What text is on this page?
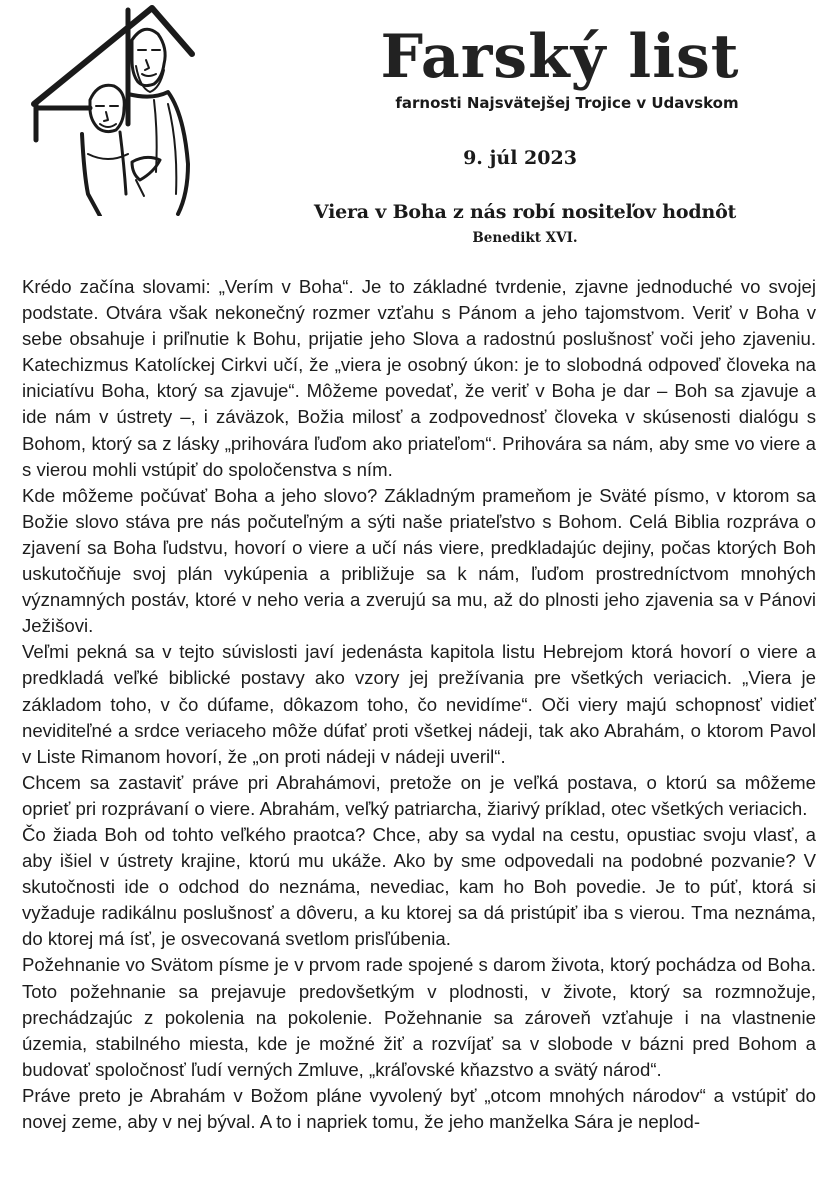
Farský list
farnosti Najsvätejšej Trojice v Udavskom
9. júl 2023
Viera v Boha z nás robí nositeľov hodnôt
Benedikt XVI.

Krédo začína slovami: „Verím v Boha“. Je to základné tvrdenie, zjavne jednoduché vo svojej podstate. Otvára však nekonečný rozmer vzťahu s Pánom a jeho tajomstvom. Veriť v Boha v sebe obsahuje i priľnutie k Bohu, prijatie jeho Slova a radostnú poslušnosť voči jeho zjaveniu. Katechizmus Katolíckej Cirkvi učí, že „viera je osobný úkon: je to slobodná odpoveď človeka na iniciatívu Boha, ktorý sa zjavuje“. Môžeme povedať, že veriť v Boha je dar – Boh sa zjavuje a ide nám v ústrety –, i záväzok, Božia milosť a zodpovednosť človeka v skúsenosti dialógu s Bohom, ktorý sa z lásky „prihovára ľuďom ako priateľom“. Prihovára sa nám, aby sme vo viere a s vierou mohli vstúpiť do spoločenstva s ním.

Kde môžeme počúvať Boha a jeho slovo? Základným prameňom je Sväté písmo, v ktorom sa Božie slovo stáva pre nás počuteľným a sýti naše priateľstvo s Bohom. Celá Biblia rozpráva o zjavení sa Boha ľudstvu, hovorí o viere a učí nás viere, predkladajúc dejiny, počas ktorých Boh uskutočňuje svoj plán vykúpenia a približuje sa k nám, ľuďom prostredníctvom mnohých významných postáv, ktoré v neho veria a zverujú sa mu, až do plnosti jeho zjavenia sa v Pánovi Ježišovi.

Veľmi pekná sa v tejto súvislosti javí jedenásta kapitola listu Hebrejom ktorá hovorí o viere a predkladá veľké biblické postavy ako vzory jej prežívania pre všetkých veriacich. „Viera je základom toho, v čo dúfame, dôkazom toho, čo nevidíme“. Oči viery majú schopnosť vidieť neviditeľné a srdce veriaceho môže dúfať proti všetkej nádeji, tak ako Abrahám, o ktorom Pavol v Liste Rimanom hovorí, že „on proti nádeji v nádeji uveril“.

Chcem sa zastaviť práve pri Abrahámovi, pretože on je veľká postava, o ktorú sa môžeme oprieť pri rozprávaní o viere. Abrahám, veľký patriarcha, žiarivý príklad, otec všetkých veriacich.

Čo žiada Boh od tohto veľkého praotca? Chce, aby sa vydal na cestu, opustiac svoju vlasť, a aby išiel v ústrety krajine, ktorú mu ukáže. Ako by sme odpovedali na podobné pozvanie? V skutočnosti ide o odchod do neznáma, nevediac, kam ho Boh povedie. Je to púť, ktorá si vyžaduje radikálnu poslušnosť a dôveru, a ku ktorej sa dá pristúpiť iba s vierou. Tma neznáma, do ktorej má ísť, je osvecovaná svetlom prisľúbenia.

Požehnanie vo Svätom písme je v prvom rade spojené s darom života, ktorý pochádza od Boha. Toto požehnanie sa prejavuje predovšetkým v plodnosti, v živote, ktorý sa rozmnožuje, prechádzajúc z pokolenia na pokolenie. Požehnanie sa zároveň vzťahuje i na vlastnenie územia, stabilného miesta, kde je možné žiť a rozvíjať sa v slobode v bázni pred Bohom a budovať spoločnosť ľudí verných Zmluve, „kráľovské kňazstvo a svätý národ“.

Práve preto je Abrahám v Božom pláne vyvolený byť „otcom mnohých národov“ a vstúpiť do novej zeme, aby v nej býval. A to i napriek tomu, že jeho manželka Sára je neplod-
